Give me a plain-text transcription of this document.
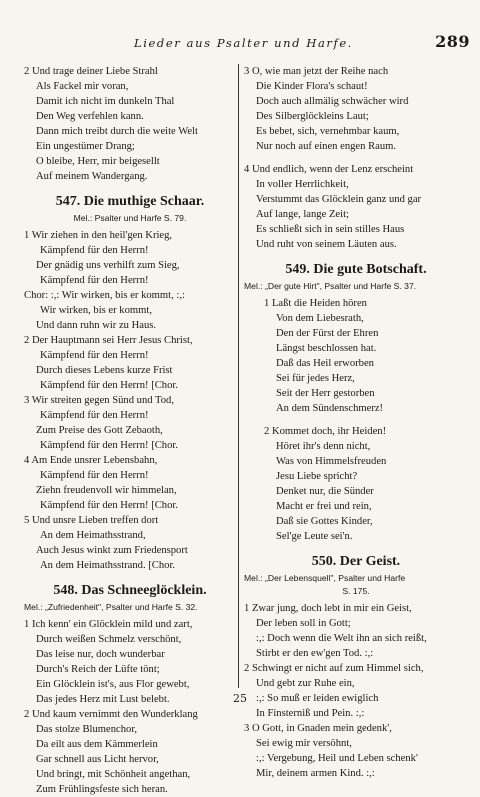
Lieder aus Psalter und Harfe.	289
2 Und trage deiner Liebe Strahl
Als Fackel mir voran,
Damit ich nicht im dunkeln Thal
Den Weg verfehlen kann.
Dann mich treibt durch die weite Welt
Ein ungestümer Drang;
O bleibe, Herr, mir beigesellt
Auf meinem Wandergang.
547. Die muthige Schaar.
Mel.: Psalter und Harfe S. 79.
1 Wir ziehen in den heil'gen Krieg,
Kämpfend für den Herrn!
Der gnädig uns verhilft zum Sieg,
Kämpfend für den Herrn!
Chor: :,: Wir wirken, bis er kommt, :,:
Wir wirken, bis er kommt,
Und dann ruhn wir zu Haus.
2 Der Hauptmann sei Herr Jesus Christ,
Kämpfend für den Herrn!
Durch dieses Lebens kurze Frist
Kämpfend für den Herrn! [Chor.
3 Wir streiten gegen Sünd und Tod,
Kämpfend für den Herrn!
Zum Preise des Gott Zebaoth,
Kämpfend für den Herrn! [Chor.
4 Am Ende unsrer Lebensbahn,
Kämpfend für den Herrn!
Ziehn freudenvoll wir himmelan,
Kämpfend für den Herrn! [Chor.
5 Und unsre Lieben treffen dort
An dem Heimathsstrand,
Auch Jesus winkt zum Friedensport
An dem Heimathsstrand. [Chor.
548. Das Schneeglöcklein.
Mel.: „Zufriedenheit", Psalter und Harfe S. 32.
1 Ich kenn' ein Glöcklein mild und zart,
Durch weißen Schmelz verschönt,
Das leise nur, doch wunderbar
Durch's Reich der Lüfte tönt;
Ein Glöcklein ist's, aus Flor gewebt,
Das jedes Herz mit Lust belebt.
2 Und kaum vernimmt den Wunderklang
Das stolze Blumenchor,
Da eilt aus dem Kämmerlein
Gar schnell aus Licht hervor,
Und bringt, mit Schönheit angethan,
Zum Frühlingsfeste sich heran.
3 O, wie man jetzt der Reihe nach
Die Kinder Flora's schaut!
Doch auch allmälig schwächer wird
Des Silberglöckleins Laut;
Es bebet, sich, vernehmbar kaum,
Nur noch auf einen engen Raum.
4 Und endlich, wenn der Lenz erscheint
In voller Herrlichkeit,
Verstummt das Glöcklein ganz und gar
Auf lange, lange Zeit;
Es schließt sich in sein stilles Haus
Und ruht von seinem Läuten aus.
549. Die gute Botschaft.
Mel.: „Der gute Hirt", Psalter und Harfe S. 37.
1 Laßt die Heiden hören
Von dem Liebesrath,
Den der Fürst der Ehren
Längst beschlossen hat.
Daß das Heil erworben
Sei für jedes Herz,
Seit der Herr gestorben
An dem Sündenschmerz!
2 Kommet doch, ihr Heiden!
Höret ihr's denn nicht,
Was von Himmelsfreuden
Jesu Liebe spricht?
Denket nur, die Sünder
Macht er frei und rein,
Daß sie Gottes Kinder,
Sel'ge Leute sei'n.
550. Der Geist.
Mel.: „Der Lebensquell", Psalter und Harfe
S. 175.
1 Zwar jung, doch lebt in mir ein Geist,
Der leben soll in Gott;
:,: Doch wenn die Welt ihn an sich reißt,
Stirbt er den ew'gen Tod. :,:
2 Schwingt er nicht auf zum Himmel sich,
Und gebt zur Ruhe ein,
:,: So muß er leiden ewiglich
In Finsterniß und Pein. :,:
3 O Gott, in Gnaden mein gedenk',
Sei ewig mir versöhnt,
:,: Vergebung, Heil und Leben schenk'
Mir, deinem armen Kind. :,:
25
